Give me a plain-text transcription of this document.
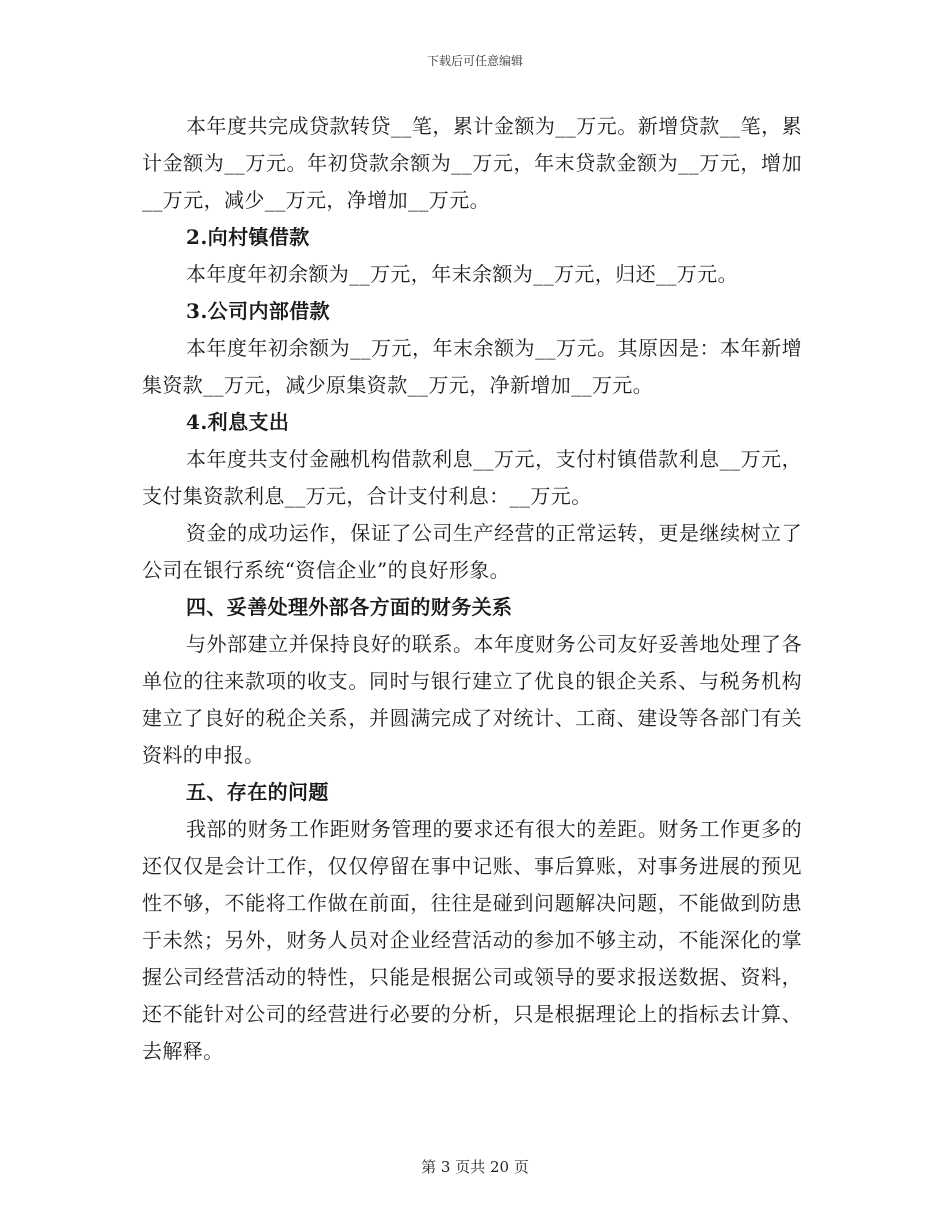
下载后可任意编辑

本年度共完成贷款转贷__笔，累计金额为__万元。新增贷款__笔，累计金额为__万元。年初贷款余额为__万元，年末贷款金额为__万元，增加__万元，减少__万元，净增加__万元。

2.向村镇借款

本年度年初余额为__万元，年末余额为__万元，归还__万元。

3.公司内部借款

本年度年初余额为__万元，年末余额为__万元。其原因是：本年新增集资款__万元，减少原集资款__万元，净新增加__万元。

4.利息支出

本年度共支付金融机构借款利息__万元，支付村镇借款利息__万元，支付集资款利息__万元，合计支付利息：__万元。

资金的成功运作，保证了公司生产经营的正常运转，更是继续树立了公司在银行系统“资信企业”的良好形象。

四、妥善处理外部各方面的财务关系

与外部建立并保持良好的联系。本年度财务公司友好妥善地处理了各单位的往来款项的收支。同时与银行建立了优良的银企关系、与税务机构建立了良好的税企关系，并圆满完成了对统计、工商、建设等各部门有关资料的申报。

五、存在的问题

我部的财务工作距财务管理的要求还有很大的差距。财务工作更多的还仅仅是会计工作，仅仅停留在事中记账、事后算账，对事务进展的预见性不够，不能将工作做在前面，往往是碰到问题解决问题，不能做到防患于未然；另外，财务人员对企业经营活动的参加不够主动，不能深化的掌握公司经营活动的特性，只能是根据公司或领导的要求报送数据、资料，还不能针对公司的经营进行必要的分析，只是根据理论上的指标去计算、去解释。

第 3 页共 20 页
